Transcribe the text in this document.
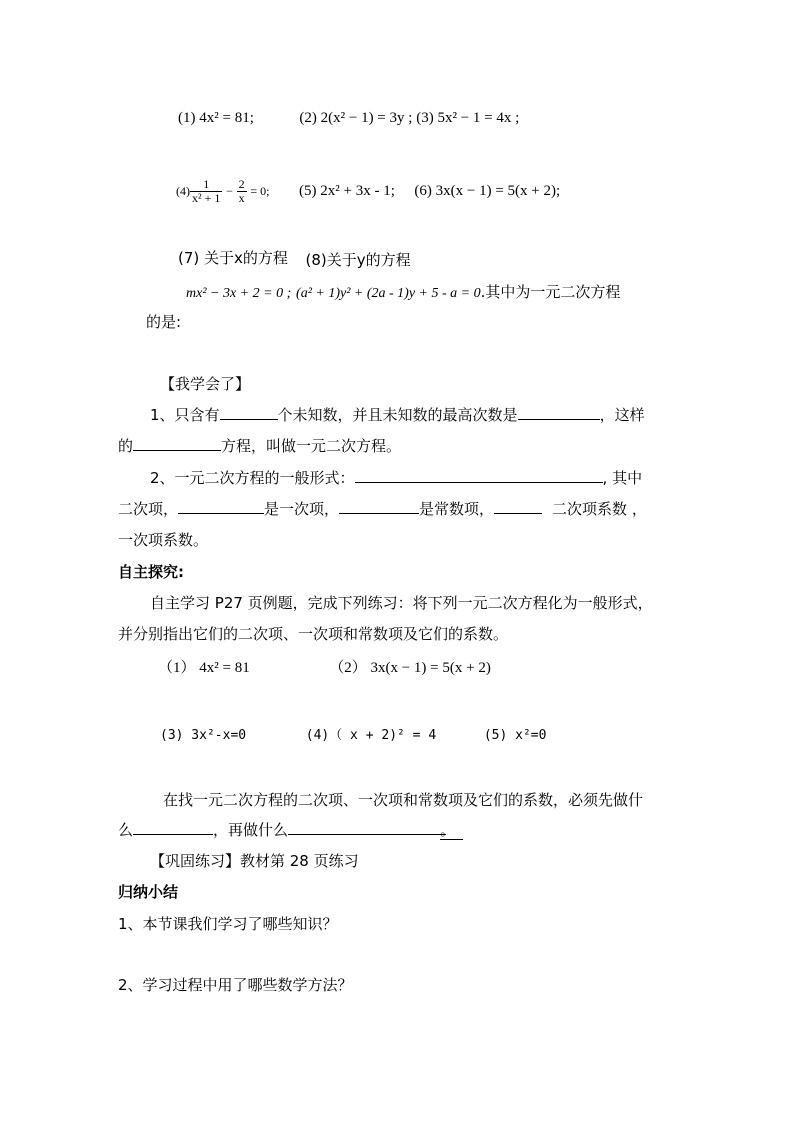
(1) 4x² = 81;	(2) 2(x² − 1) = 3y ; (3) 5x² − 1 = 4x ;
$(4) \frac{1}{\text{x² + 1}} - \frac{2}{x} = 0$; (5) 2x² + 3x - 1; (6) 3x(x − 1) = 5(x + 2);
(7) 关于x的方程 (8)关于y的方程
mx² − 3x + 2 = 0 ; (a² + 1)y² + (2a - 1)y + 5 - a = 0.其中为一元二次方程
的是:
【我学会了】
1、只含有	个未知数，并且未知数的最高次数是	，这样
的	方程，叫做一元二次方程。
2、一元二次方程的一般形式：	, 其中
二次项，	是一次项，	是常数项，	二次项系数 ，
一次项系数。
自主探究:
自主学习 P27 页例题，完成下列练习：将下列一元二次方程化为一般形式，
并分别指出它们的二次项、一次项和常数项及它们的系数。
（1） 4x² = 81	（2） 3x(x − 1) = 5(x + 2)
(3) 3x²-x=0	(4)（ x + 2)² = 4	(5) x²=0
在找一元二次方程的二次项、一次项和常数项及它们的系数，必须先做什
么	，再做什么	。
【巩固练习】教材第 28 页练习
归纳小结
1、本节课我们学习了哪些知识？
2、学习过程中用了哪些数学方法？
